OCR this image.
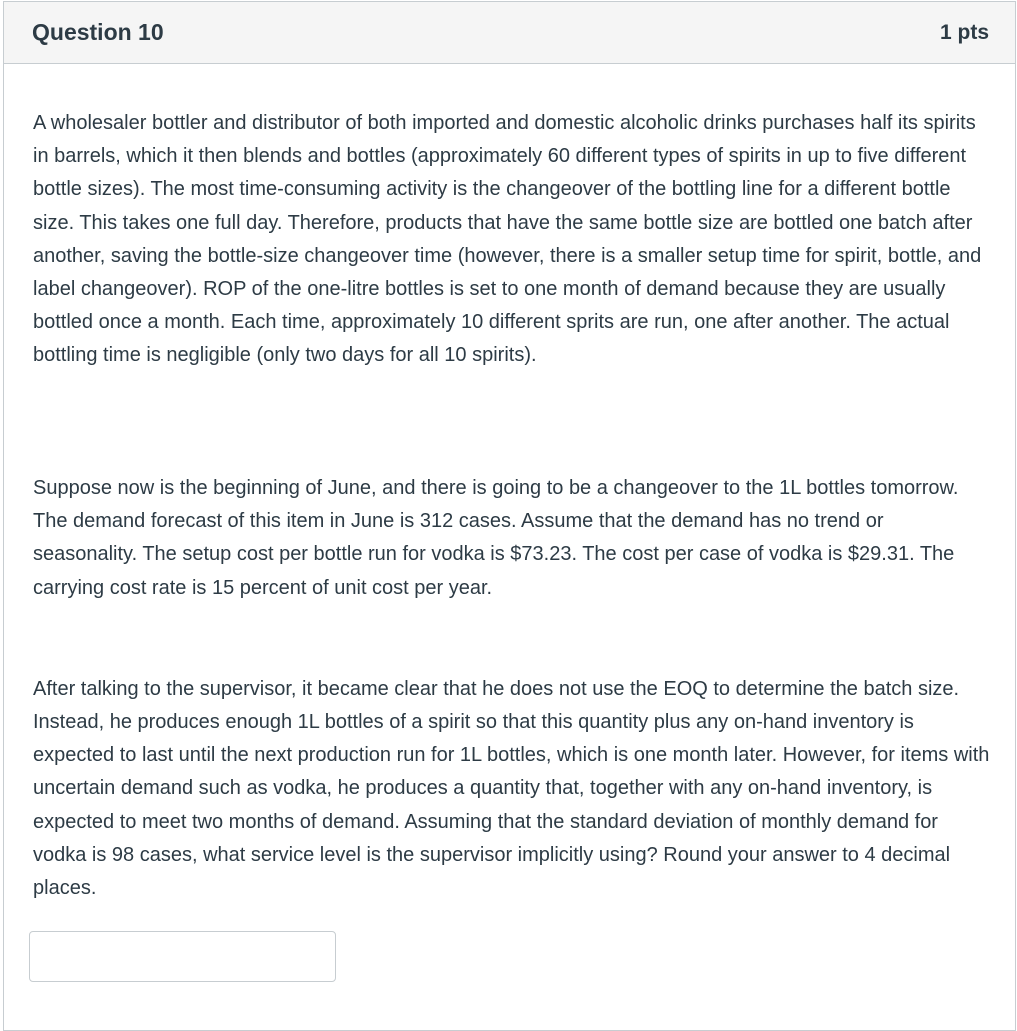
Question 10	1 pts

A wholesaler bottler and distributor of both imported and domestic alcoholic drinks purchases half its spirits in barrels, which it then blends and bottles (approximately 60 different types of spirits in up to five different bottle sizes). The most time-consuming activity is the changeover of the bottling line for a different bottle size. This takes one full day. Therefore, products that have the same bottle size are bottled one batch after another, saving the bottle-size changeover time (however, there is a smaller setup time for spirit, bottle, and label changeover). ROP of the one-litre bottles is set to one month of demand because they are usually bottled once a month. Each time, approximately 10 different sprits are run, one after another. The actual bottling time is negligible (only two days for all 10 spirits).

Suppose now is the beginning of June, and there is going to be a changeover to the 1L bottles tomorrow. The demand forecast of this item in June is 312 cases. Assume that the demand has no trend or seasonality. The setup cost per bottle run for vodka is $73.23. The cost per case of vodka is $29.31. The carrying cost rate is 15 percent of unit cost per year.

After talking to the supervisor, it became clear that he does not use the EOQ to determine the batch size. Instead, he produces enough 1L bottles of a spirit so that this quantity plus any on-hand inventory is expected to last until the next production run for 1L bottles, which is one month later. However, for items with uncertain demand such as vodka, he produces a quantity that, together with any on-hand inventory, is expected to meet two months of demand. Assuming that the standard deviation of monthly demand for vodka is 98 cases, what service level is the supervisor implicitly using? Round your answer to 4 decimal places.
